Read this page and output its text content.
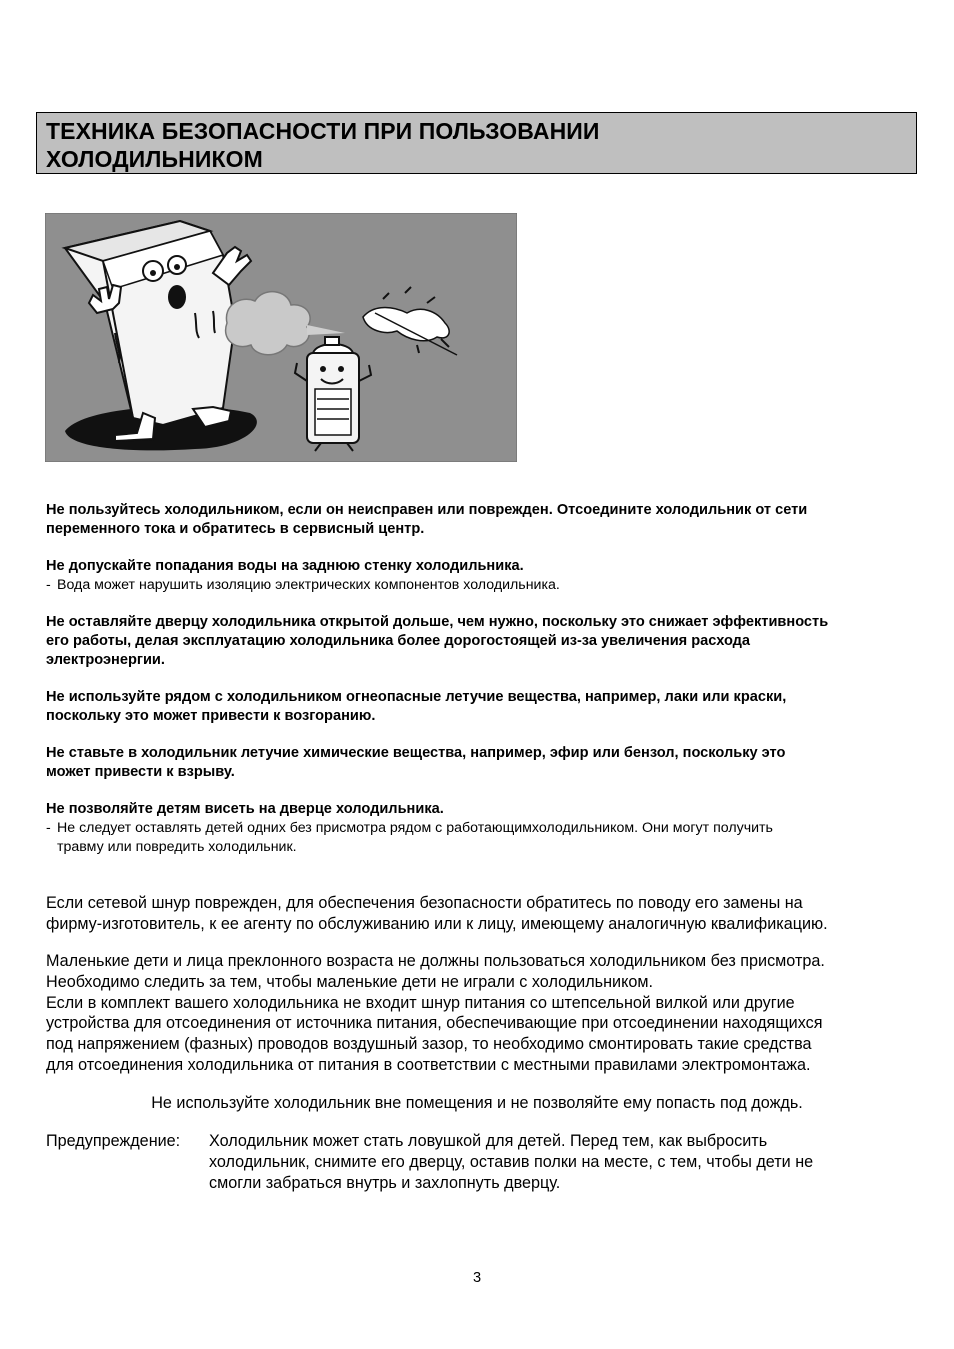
ТЕХНИКА БЕЗОПАСНОСТИ ПРИ ПОЛЬЗОВАНИИ
ХОЛОДИЛЬНИКОМ
Не пользуйтесь холодильником, если он неисправен или поврежден. Отсоедините холодильник от сети
переменного тока и обратитесь в сервисный центр.
Не допускайте попадания воды на заднюю стенку холодильника.
- Вода может нарушить изоляцию электрических компонентов холодильника.
Не оставляйте дверцу холодильника открытой дольше, чем нужно, поскольку это снижает эффективность
его работы, делая эксплуатацию холодильника более дорогостоящей из-за увеличения расхода
электроэнергии.
Не используйте рядом с холодильником огнеопасные летучие вещества, например, лаки или краски,
поскольку это может привести к возгоранию.
Не ставьте в холодильник летучие химические вещества, например, эфир или бензол, поскольку это
может привести к взрыву.
Не позволяйте детям висеть на дверце холодильника.
- Не следует оставлять детей одних без присмотра рядом с работающимхолодильником. Они могут получить
травму или повредить холодильник.
Если сетевой шнур поврежден, для обеспечения безопасности обратитесь по поводу его замены на
фирму-изготовитель, к ее агенту по обслуживанию или к лицу, имеющему аналогичную квалификацию.
Маленькие дети и лица преклонного возраста не должны пользоваться холодильником без присмотра.
Необходимо следить за тем, чтобы маленькие дети не играли с холодильником.
Если в комплект вашего холодильника не входит шнур питания со штепсельной вилкой или другие
устройства для отсоединения от источника питания, обеспечивающие при отсоединении находящихся
под напряжением (фазных) проводов воздушный зазор, то необходимо смонтировать такие средства
для отсоединения холодильника от питания в соответствии с местными правилами электромонтажа.
Не используйте холодильник вне помещения и не позволяйте ему попасть под дождь.
Предупреждение: Холодильник может стать ловушкой для детей. Перед тем, как выбросить
холодильник, снимите его дверцу, оставив полки на месте, с тем, чтобы дети не
смогли забраться внутрь и захлопнуть дверцу.
3
